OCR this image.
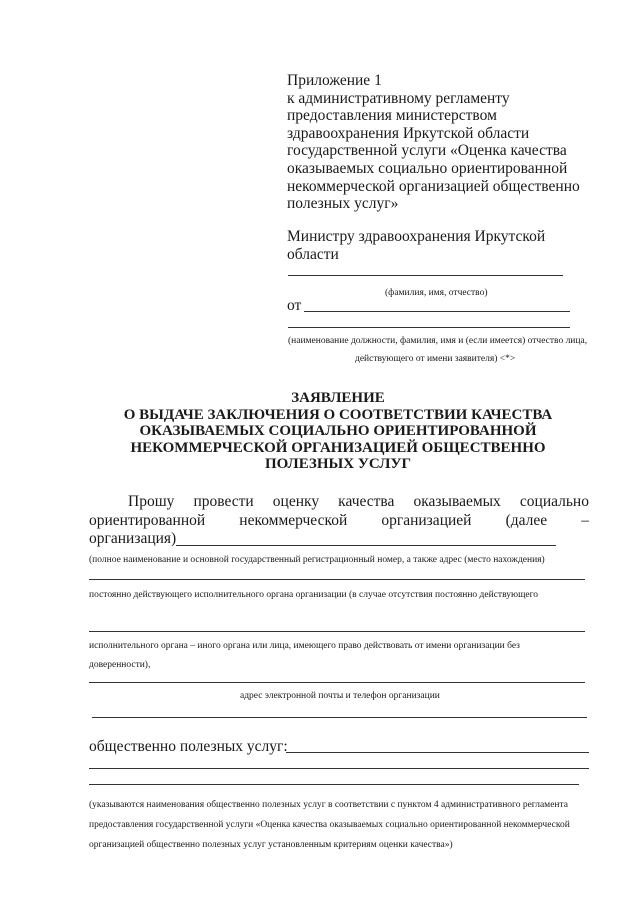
Приложение 1
к административному регламенту
предоставления министерством
здравоохранения Иркутской области
государственной услуги «Оценка качества
оказываемых социально ориентированной
некоммерческой организацией общественно
полезных услуг»
Министру здравоохранения Иркутской
области
(фамилия, имя, отчество)
от
(наименование должности, фамилия, имя и (если имеется) отчество лица,
действующего от имени заявителя) <*>
ЗАЯВЛЕНИЕ
О ВЫДАЧЕ ЗАКЛЮЧЕНИЯ О СООТВЕТСТВИИ КАЧЕСТВА
ОКАЗЫВАЕМЫХ СОЦИАЛЬНО ОРИЕНТИРОВАННОЙ
НЕКОММЕРЧЕСКОЙ ОРГАНИЗАЦИЕЙ ОБЩЕСТВЕННО
ПОЛЕЗНЫХ УСЛУГ
Прошу провести оценку качества оказываемых социально
ориентированной некоммерческой организацией (далее –
организация)
(полное наименование и основной государственный регистрационный номер, а также адрес (место нахождения)
постоянно действующего исполнительного органа организации (в случае отсутствия постоянно действующего
исполнительного органа – иного органа или лица, имеющего право действовать от имени организации без
доверенности),
адрес электронной почты и телефон организации
общественно полезных услуг:
(указываются наименования общественно полезных услуг в соответствии с пунктом 4 административного регламента
предоставления государственной услуги «Оценка качества оказываемых социально ориентированной некоммерческой
организацией общественно полезных услуг установленным критериям оценки качества»)
